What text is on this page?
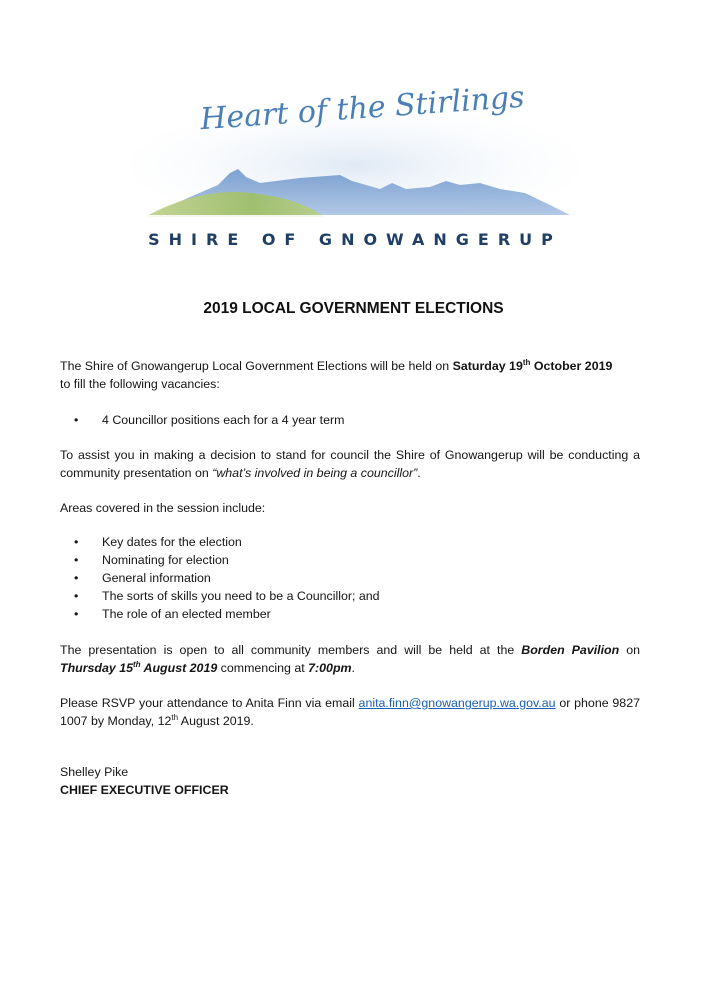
Heart of the Stirlings
SHIRE OF GNOWANGERUP
2019 LOCAL GOVERNMENT ELECTIONS
The Shire of Gnowangerup Local Government Elections will be held on Saturday 19th October 2019
to fill the following vacancies:
• 4 Councillor positions each for a 4 year term
To assist you in making a decision to stand for council the Shire of Gnowangerup will be conducting a community presentation on “what’s involved in being a councillor”.
Areas covered in the session include:
• Key dates for the election
• Nominating for election
• General information
• The sorts of skills you need to be a Councillor; and
• The role of an elected member
The presentation is open to all community members and will be held at the Borden Pavilion on Thursday 15th August 2019 commencing at 7:00pm.
Please RSVP your attendance to Anita Finn via email anita.finn@gnowangerup.wa.gov.au or phone 9827 1007 by Monday, 12th August 2019.
Shelley Pike
CHIEF EXECUTIVE OFFICER
